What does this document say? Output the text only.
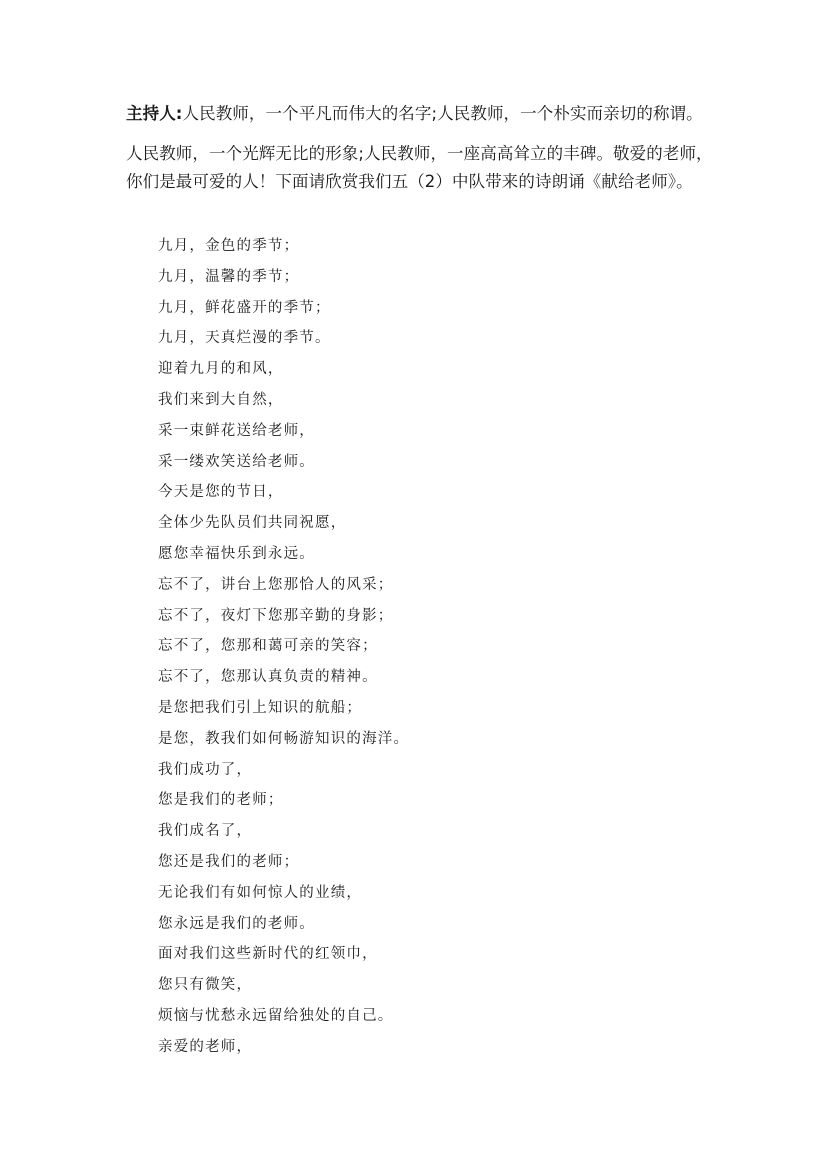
主持人:人民教师，一个平凡而伟大的名字;人民教师，一个朴实而亲切的称谓。

人民教师，一个光辉无比的形象;人民教师，一座高高耸立的丰碑。敬爱的老师，

你们是最可爱的人！下面请欣赏我们五（2）中队带来的诗朗诵《献给老师》。

九月，金色的季节；
九月，温馨的季节；
九月，鲜花盛开的季节；
九月，天真烂漫的季节。
迎着九月的和风，
我们来到大自然，
采一束鲜花送给老师，
采一缕欢笑送给老师。
今天是您的节日，
全体少先队员们共同祝愿，
愿您幸福快乐到永远。
忘不了，讲台上您那恰人的风采；
忘不了，夜灯下您那辛勤的身影；
忘不了，您那和蔼可亲的笑容；
忘不了，您那认真负责的精神。
是您把我们引上知识的航船；
是您，教我们如何畅游知识的海洋。
我们成功了，
您是我们的老师；
我们成名了，
您还是我们的老师；
无论我们有如何惊人的业绩，
您永远是我们的老师。
面对我们这些新时代的红领巾，
您只有微笑，
烦恼与忧愁永远留给独处的自己。
亲爱的老师，
